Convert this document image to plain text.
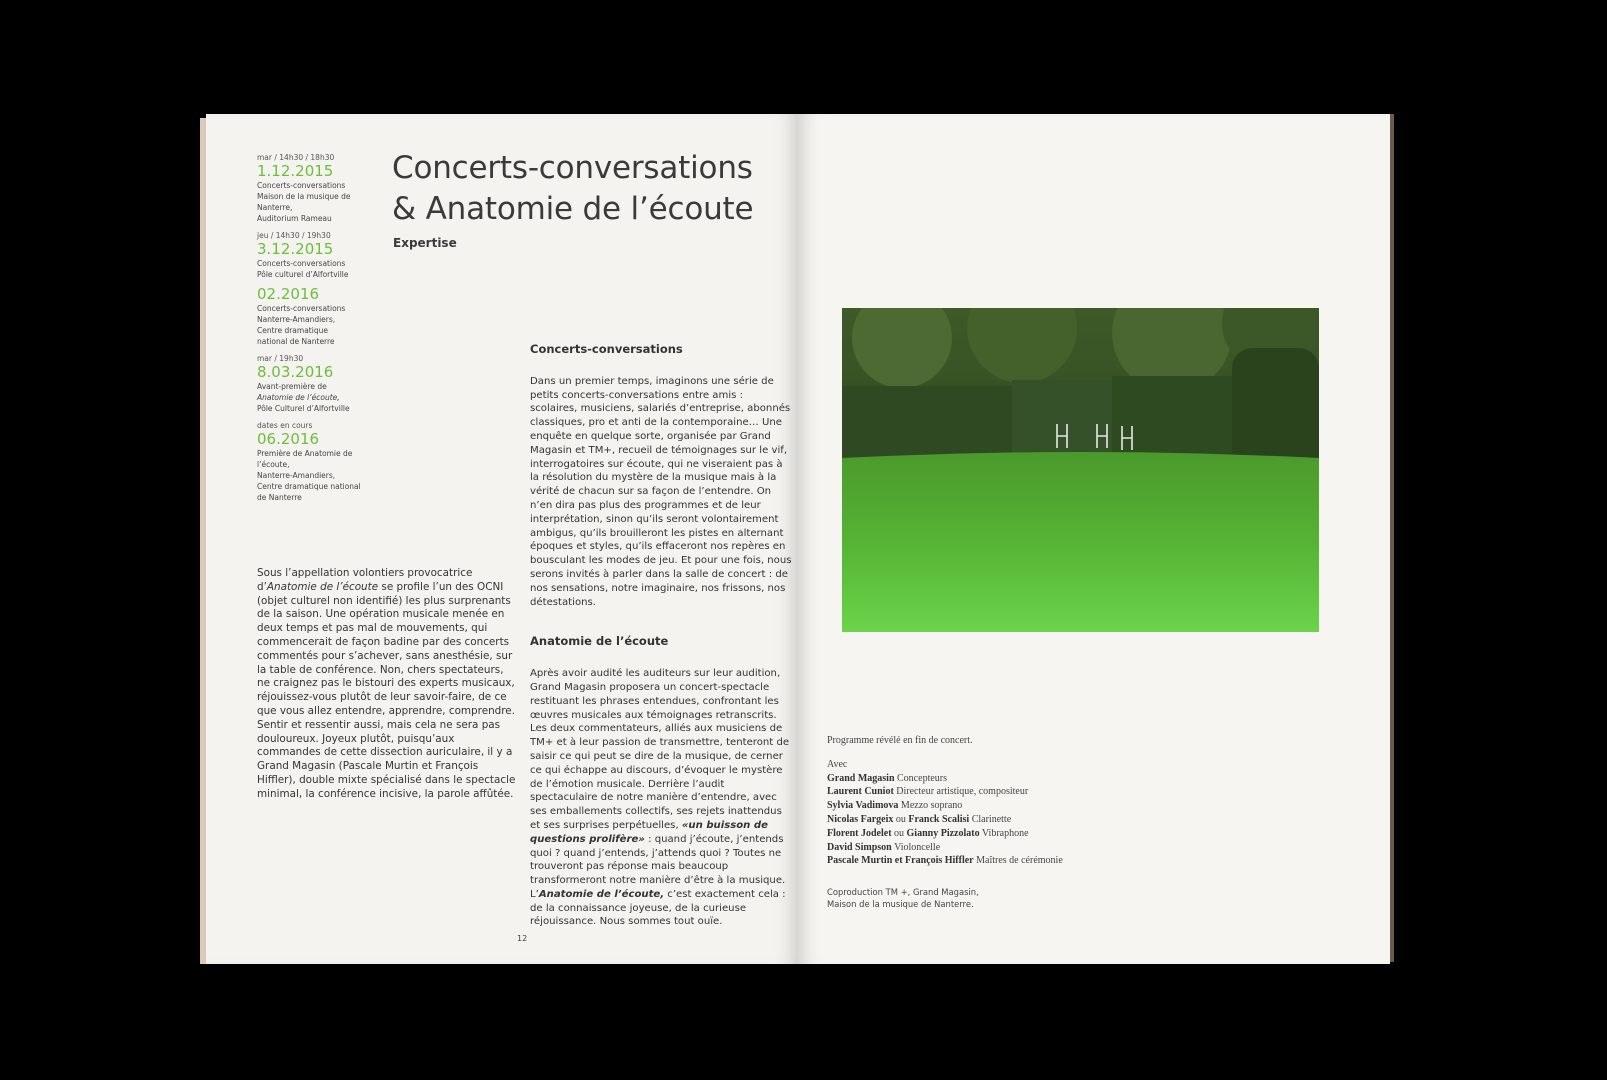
mar / 14h30 / 18h30
1.12.2015
Concerts-conversations
Maison de la musique de Nanterre,
Auditorium Rameau
jeu / 14h30 / 19h30
3.12.2015
Concerts-conversations
Pôle culturel d’Alfortville
02.2016
Concerts-conversations
Nanterre-Amandiers,
Centre dramatique
national de Nanterre
mar / 19h30
8.03.2016
Avant-première de
Anatomie de l’écoute,
Pôle Culturel d’Alfortville
dates en cours
06.2016
Première de Anatomie de l’écoute,
Nanterre-Amandiers,
Centre dramatique national
de Nanterre
Concerts-conversations
& Anatomie de l’écoute
Expertise
Sous l’appellation volontiers provocatrice d’Anatomie de l’écoute se profile l’un des OCNI (objet culturel non identifié) les plus surprenants de la saison. Une opération musicale menée en deux temps et pas mal de mouvements, qui commencerait de façon badine par des concerts commentés pour s’achever, sans anesthésie, sur la table de conférence. Non, chers spectateurs, ne craignez pas le bistouri des experts musicaux, réjouissez-vous plutôt de leur savoir-faire, de ce que vous allez entendre, apprendre, comprendre. Sentir et ressentir aussi, mais cela ne sera pas douloureux. Joyeux plutôt, puisqu’aux commandes de cette dissection auriculaire, il y a Grand Magasin (Pascale Murtin et François Hiffler), double mixte spécialisé dans le spectacle minimal, la conférence incisive, la parole affûtée.
Concerts-conversations

Dans un premier temps, imaginons une série de petits concerts-conversations entre amis : scolaires, musiciens, salariés d’entreprise, abonnés classiques, pro et anti de la contemporaine… Une enquête en quelque sorte, organisée par Grand Magasin et TM+, recueil de témoignages sur le vif, interrogatoires sur écoute, qui ne viseraient pas à la résolution du mystère de la musique mais à la vérité de chacun sur sa façon de l’entendre. On n’en dira pas plus des programmes et de leur interprétation, sinon qu’ils seront volontairement ambigus, qu’ils brouilleront les pistes en alternant époques et styles, qu’ils effaceront nos repères en bousculant les modes de jeu. Et pour une fois, nous serons invités à parler dans la salle de concert : de nos sensations, notre imaginaire, nos frissons, nos détestations.

Anatomie de l’écoute

Après avoir audité les auditeurs sur leur audition, Grand Magasin proposera un concert-spectacle restituant les phrases entendues, confrontant les œuvres musicales aux témoignages retranscrits. Les deux commentateurs, alliés aux musiciens de TM+ et à leur passion de transmettre, tenteront de saisir ce qui peut se dire de la musique, de cerner ce qui échappe au discours, d’évoquer le mystère de l’émotion musicale. Derrière l’audit spectaculaire de notre manière d’entendre, avec ses emballements collectifs, ses rejets inattendus et ses surprises perpétuelles, «un buisson de questions prolifère» : quand j’écoute, j’entends quoi ? quand j’entends, j’attends quoi ? Toutes ne trouveront pas réponse mais beaucoup transformeront notre manière d’être à la musique. L’Anatomie de l’écoute, c’est exactement cela : de la connaissance joyeuse, de la curieuse réjouissance. Nous sommes tout ouïe.

12
Programme révélé en fin de concert.
Avec
Grand Magasin Concepteurs
Laurent Cuniot Directeur artistique, compositeur
Sylvia Vadimova Mezzo soprano
Nicolas Fargeix ou Franck Scalisi Clarinette
Florent Jodelet ou Gianny Pizzolato Vibraphone
David Simpson Violoncelle
Pascale Murtin et François Hiffler Maîtres de cérémonie
Coproduction TM +, Grand Magasin,
Maison de la musique de Nanterre.
